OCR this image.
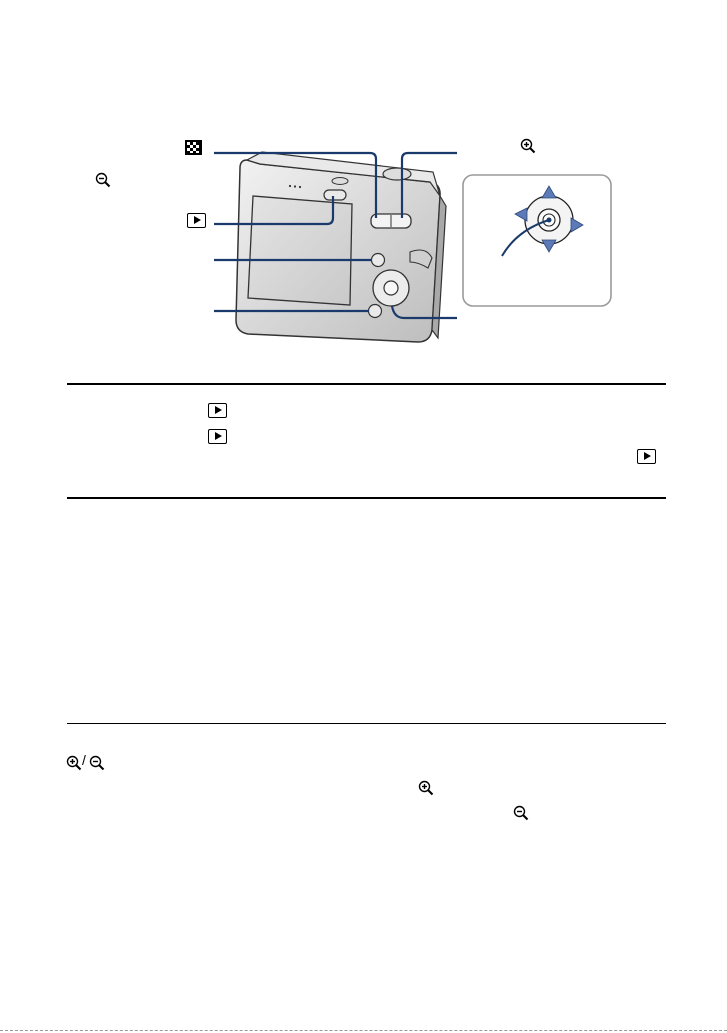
/
